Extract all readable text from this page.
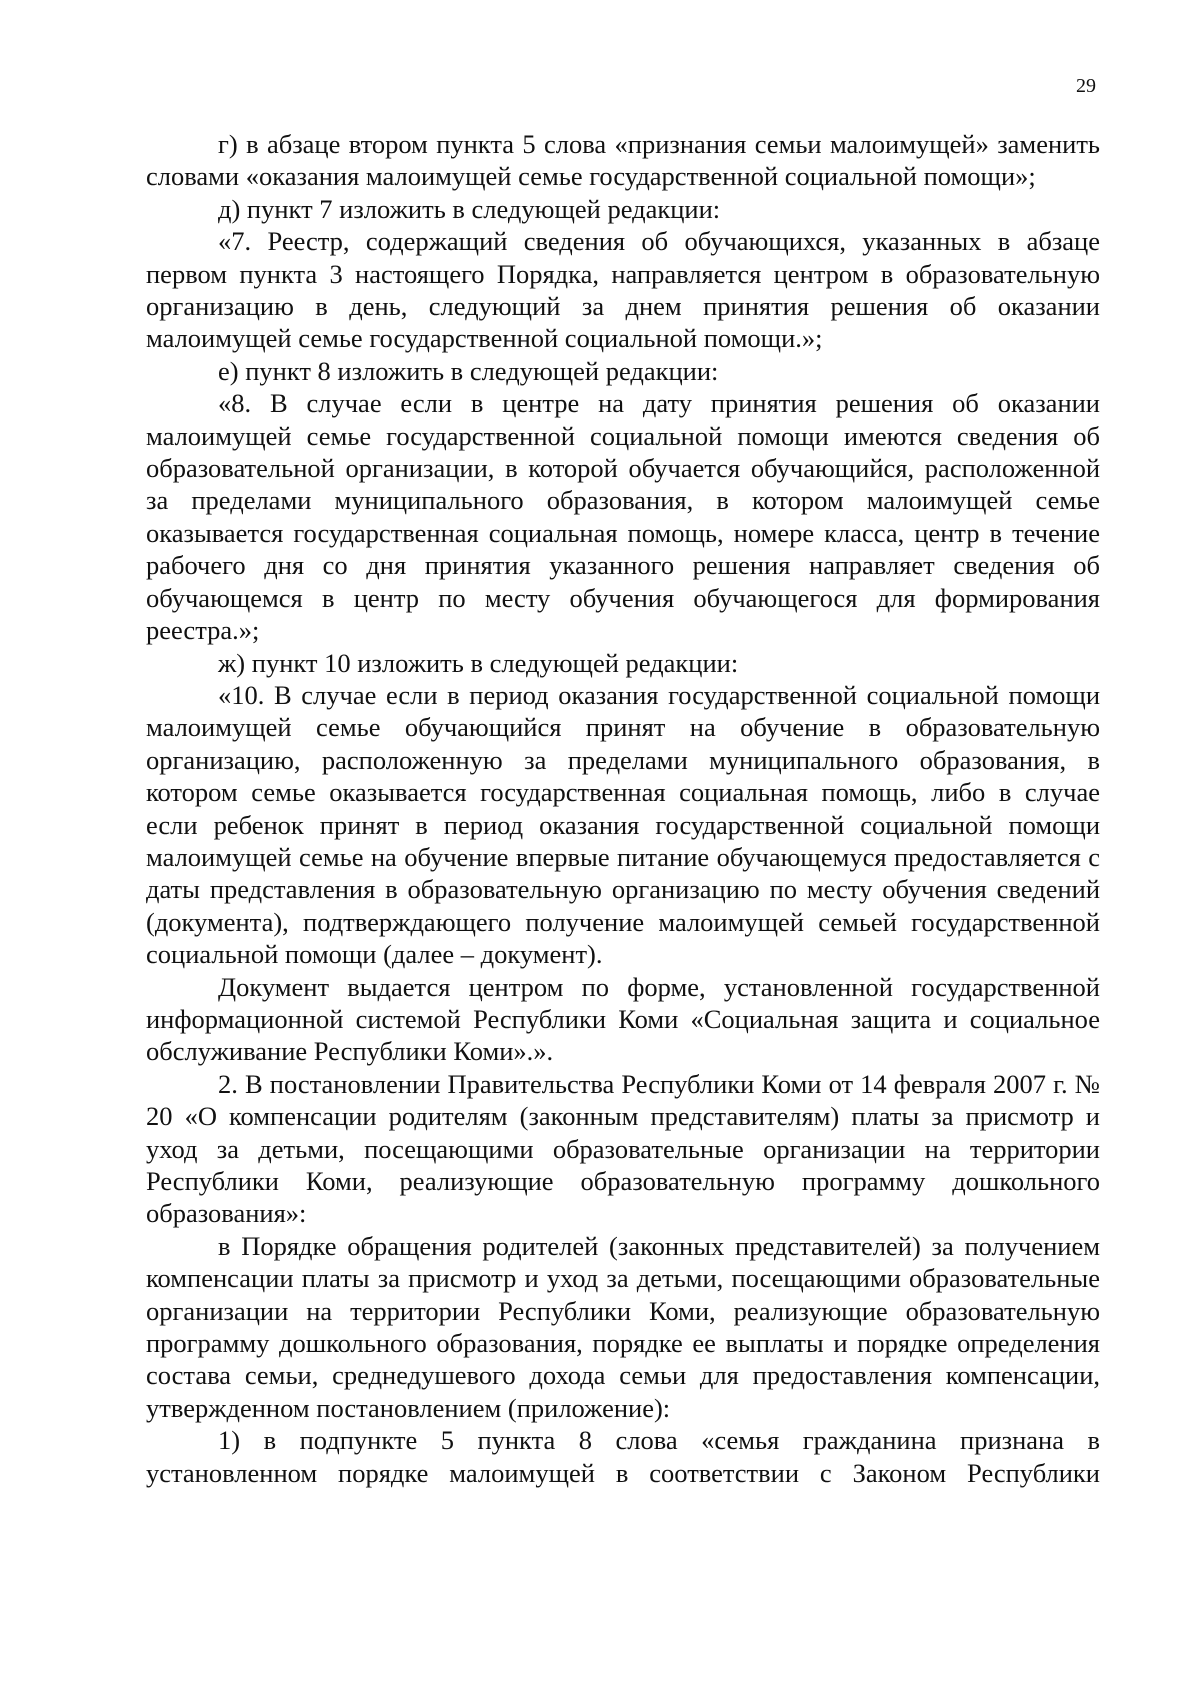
29

г) в абзаце втором пункта 5 слова «признания семьи малоимущей» заменить словами «оказания малоимущей семье государственной социальной помощи»;

д) пункт 7 изложить в следующей редакции:

«7. Реестр, содержащий сведения об обучающихся, указанных в абзаце первом пункта 3 настоящего Порядка, направляется центром в образовательную организацию в день, следующий за днем принятия решения об оказании малоимущей семье государственной социальной помощи.»;

е) пункт 8 изложить в следующей редакции:

«8. В случае если в центре на дату принятия решения об оказании малоимущей семье государственной социальной помощи имеются сведения об образовательной организации, в которой обучается обучающийся, расположенной за пределами муниципального образования, в котором малоимущей семье оказывается государственная социальная помощь, номере класса, центр в течение рабочего дня со дня принятия указанного решения направляет сведения об обучающемся в центр по месту обучения обучающегося для формирования реестра.»;

ж) пункт 10 изложить в следующей редакции:

«10. В случае если в период оказания государственной социальной помощи малоимущей семье обучающийся принят на обучение в образовательную организацию, расположенную за пределами муниципального образования, в котором семье оказывается государственная социальная помощь, либо в случае если ребенок принят в период оказания государственной социальной помощи малоимущей семье на обучение впервые питание обучающемуся предоставляется с даты представления в образовательную организацию по месту обучения сведений (документа), подтверждающего получение малоимущей семьей государственной социальной помощи (далее – документ).

Документ выдается центром по форме, установленной государственной информационной системой Республики Коми «Социальная защита и социальное обслуживание Республики Коми».».

2. В постановлении Правительства Республики Коми от 14 февраля 2007 г. № 20 «О компенсации родителям (законным представителям) платы за присмотр и уход за детьми, посещающими образовательные организации на территории Республики Коми, реализующие образовательную программу дошкольного образования»:

в Порядке обращения родителей (законных представителей) за получением компенсации платы за присмотр и уход за детьми, посещающими образовательные организации на территории Республики Коми, реализующие образовательную программу дошкольного образования, порядке ее выплаты и порядке определения состава семьи, среднедушевого дохода семьи для предоставления компенсации, утвержденном постановлением (приложение):

1) в подпункте 5 пункта 8 слова «семья гражданина признана в установленном порядке малоимущей в соответствии с Законом Республики
